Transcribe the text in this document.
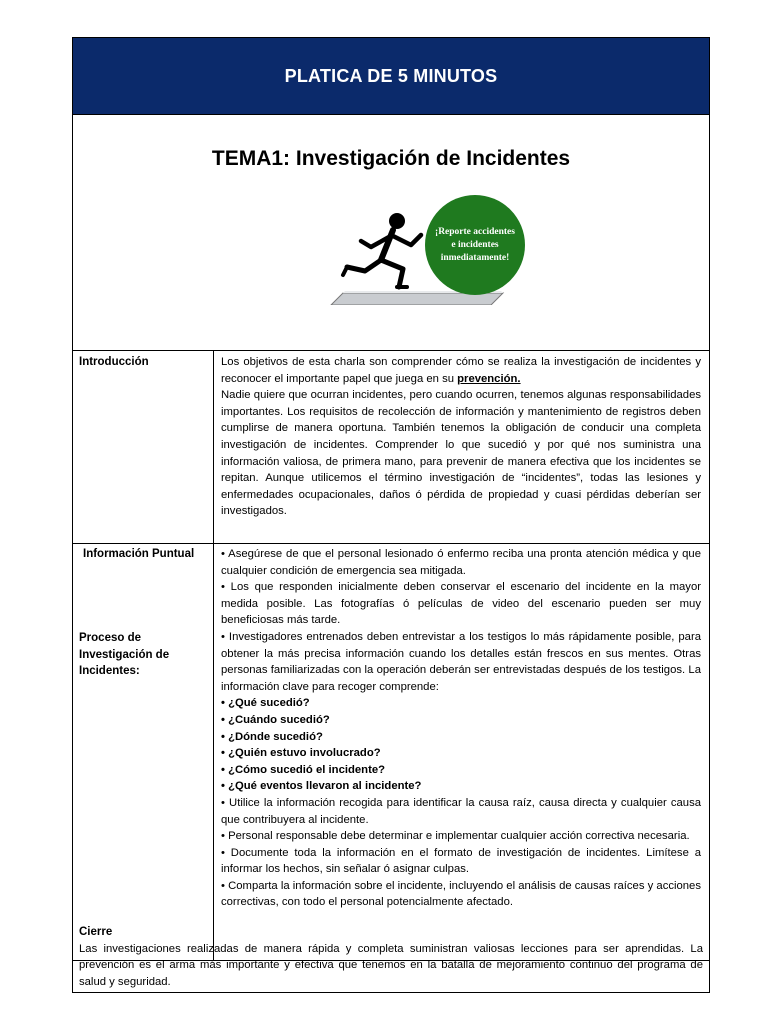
PLATICA DE 5 MINUTOS
TEMA1: Investigación de Incidentes
¡Reporte accidentes e incidentes inmediatamente!
Introducción	Los objetivos de esta charla son comprender cómo se realiza la investigación de incidentes y reconocer el importante papel que juega en su prevención.

Nadie quiere que ocurran incidentes, pero cuando ocurren, tenemos algunas responsabilidades importantes. Los requisitos de recolección de información y mantenimiento de registros deben cumplirse de manera oportuna. También tenemos la obligación de conducir una completa investigación de incidentes. Comprender lo que sucedió y por qué nos suministra una información valiosa, de primera mano, para prevenir de manera efectiva que los incidentes se repitan. Aunque utilicemos el término investigación de “incidentes”, todas las lesiones y enfermedades ocupacionales, daños ó pérdida de propiedad y cuasi pérdidas deberían ser investigados.

Información Puntual
Proceso de Investigación de Incidentes:

• Asegúrese de que el personal lesionado ó enfermo reciba una pronta atención médica y que cualquier condición de emergencia sea mitigada.

• Los que responden inicialmente deben conservar el escenario del incidente en la mayor medida posible. Las fotografías ó películas de video del escenario pueden ser muy beneficiosas más tarde.

• Investigadores entrenados deben entrevistar a los testigos lo más rápidamente posible, para obtener la más precisa información cuando los detalles están frescos en sus mentes. Otras personas familiarizadas con la operación deberán ser entrevistadas después de los testigos. La información clave para recoger comprende:

• ¿Qué sucedió?

• ¿Cuándo sucedió?

• ¿Dónde sucedió?

• ¿Quién estuvo involucrado?

• ¿Cómo sucedió el incidente?

• ¿Qué eventos llevaron al incidente?

• Utilice la información recogida para identificar la causa raíz, causa directa y cualquier causa que contribuyera al incidente.

• Personal responsable debe determinar e implementar cualquier acción correctiva necesaria.

• Documente toda la información en el formato de investigación de incidentes. Limítese a informar los hechos, sin señalar ó asignar culpas.

• Comparta la información sobre el incidente, incluyendo el análisis de causas raíces y acciones correctivas, con todo el personal potencialmente afectado.

Cierre

Las investigaciones realizadas de manera rápida y completa suministran valiosas lecciones para ser aprendidas. La prevención es el arma más importante y efectiva que tenemos en la batalla de mejoramiento continuo del programa de salud y seguridad.
